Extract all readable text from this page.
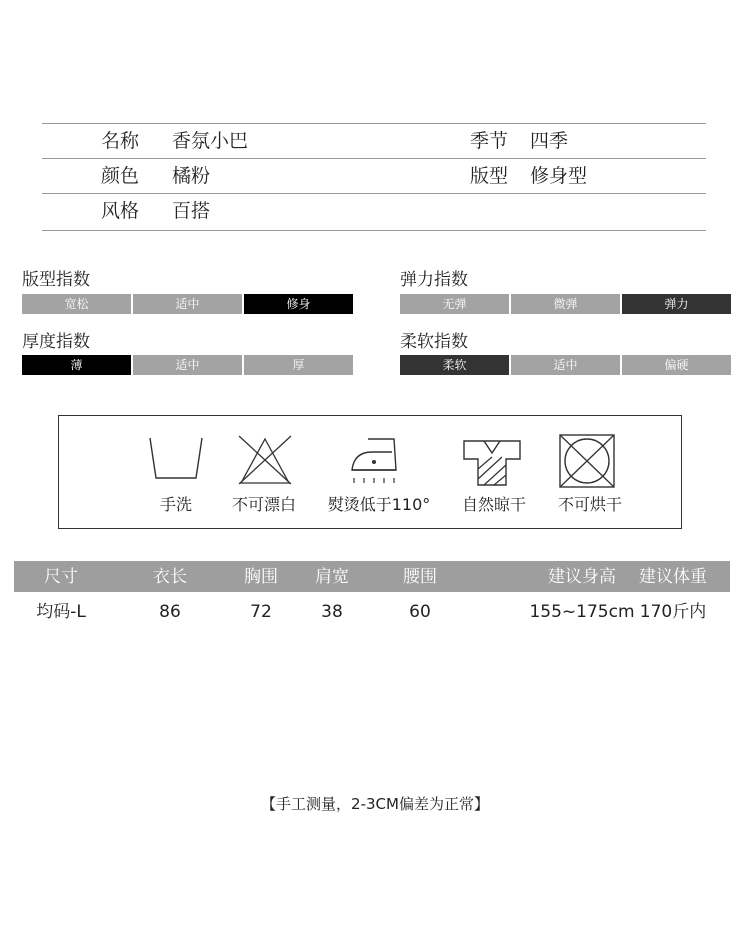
名称 香氛小巴	季节 四季
颜色 橘粉	版型 修身型
风格 百搭
版型指数
宽松	适中	修身
弹力指数
无弹	微弹	弹力
厚度指数
薄	适中	厚
柔软指数
柔软	适中	偏硬
手洗 不可漂白 熨烫低于110° 自然晾干 不可烘干
尺寸	衣长	胸围 肩宽	腰围	建议身高 建议体重
均码-L	86	72	38	60	155~175cm 170斤内
【手工测量，2-3CM偏差为正常】
